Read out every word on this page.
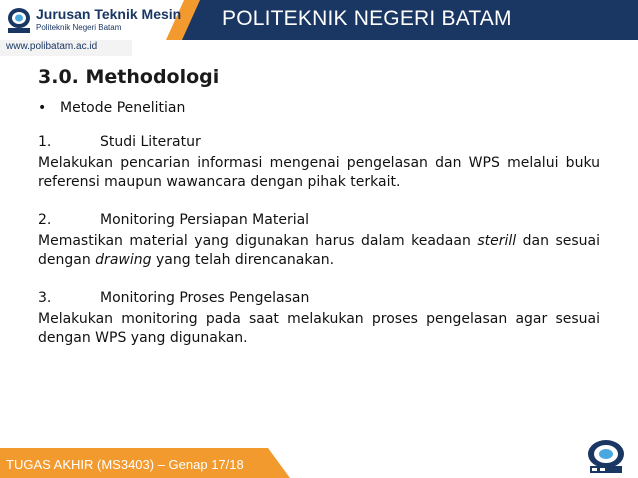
Jurusan Teknik Mesin
Politeknik Negeri Batam	POLITEKNIK NEGERI BATAM
www.polibatam.ac.id
3.0. Methodologi
• Metode Penelitian
1.	Studi Literatur
Melakukan pencarian informasi mengenai pengelasan dan WPS melalui buku referensi maupun wawancara dengan pihak terkait.
2.	Monitoring Persiapan Material
Memastikan material yang digunakan harus dalam keadaan sterill dan sesuai dengan drawing yang telah direncanakan.
3.	Monitoring Proses Pengelasan
Melakukan monitoring pada saat melakukan proses pengelasan agar sesuai dengan WPS yang digunakan.
TUGAS AKHIR (MS3403) – Genap 17/18
